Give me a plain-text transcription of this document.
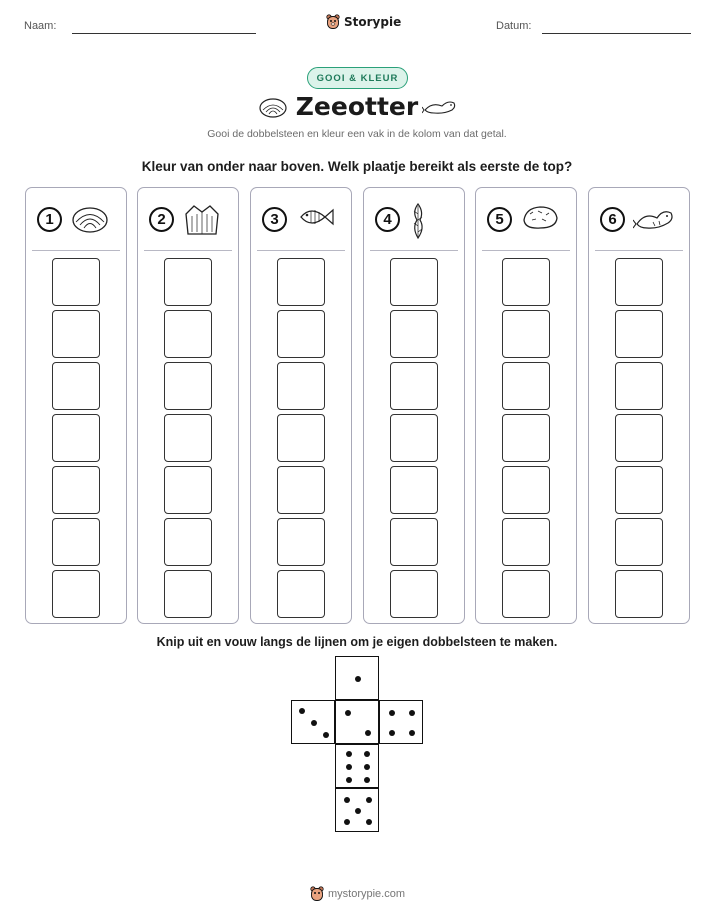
Naam:	Storypie	Datum:
GOOI & KLEUR
Zeeotter
Gooi de dobbelsteen en kleur een vak in de kolom van dat getal.
Kleur van onder naar boven. Welk plaatje bereikt als eerste de top?
1	2	3	4	5	6
Knip uit en vouw langs de lijnen om je eigen dobbelsteen te maken.
mystorypie.com
